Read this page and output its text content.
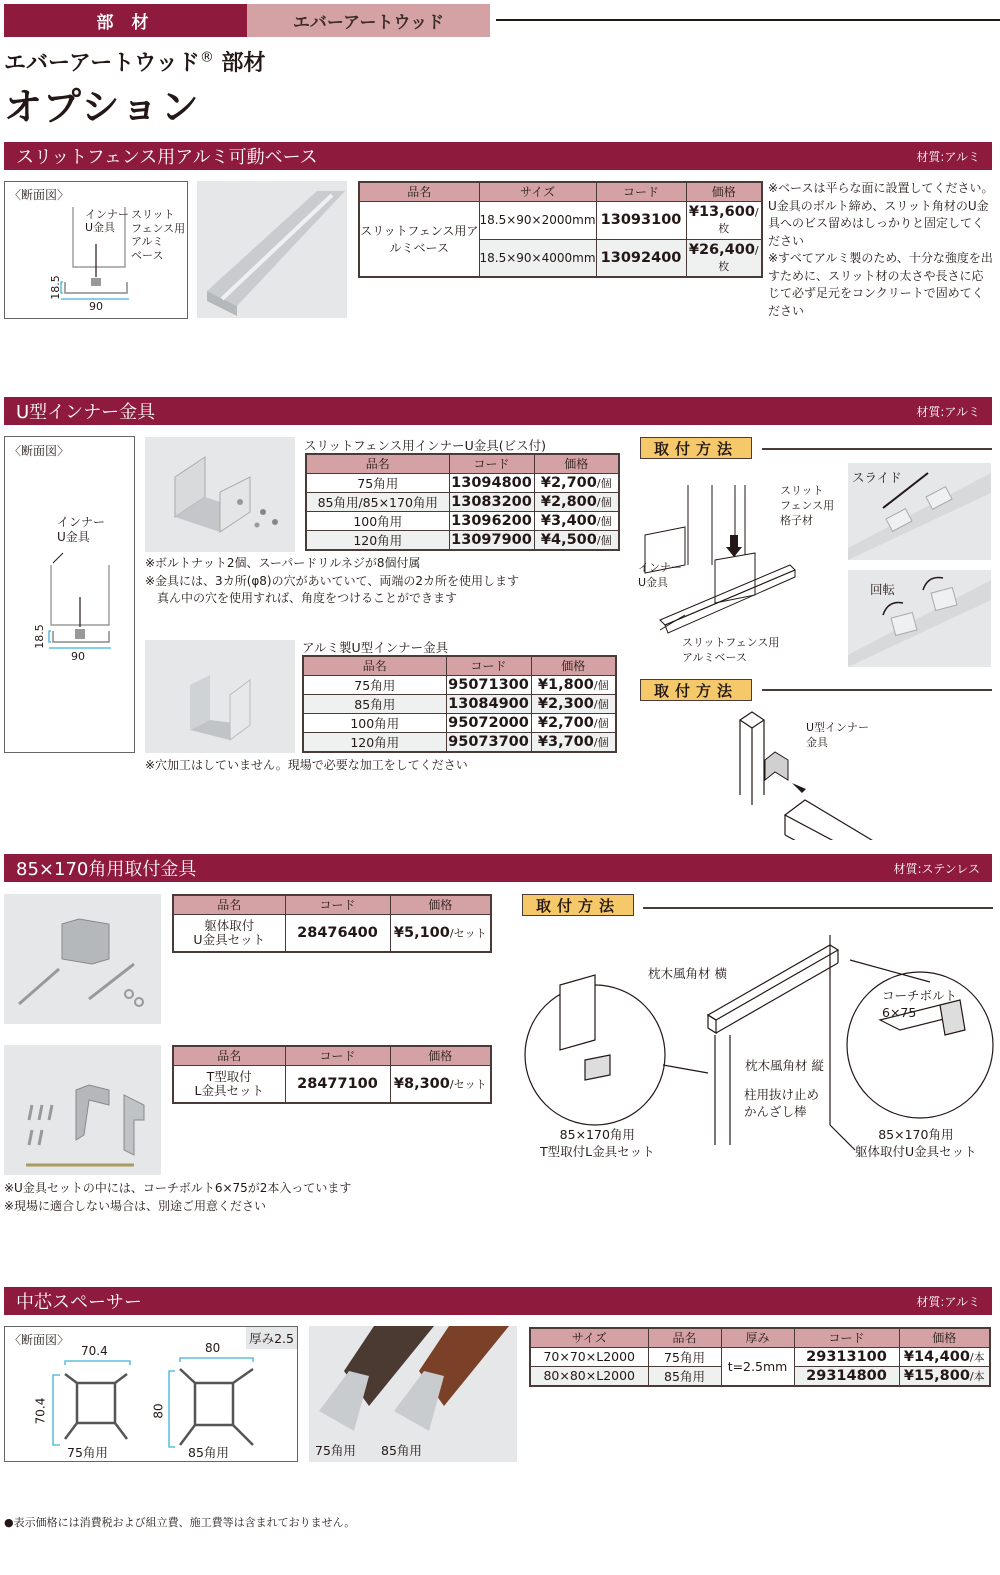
部 材	エバーアートウッド
エバーアートウッド® 部材
オプション
スリットフェンス用アルミ可動ベース	材質:アルミ
〈断面図〉
インナー
U金具
スリット
フェンス用
アルミ
ベース
18.5
90
品名	サイズ	コード	価格
スリットフェンス用アルミベース	18.5×90×2000mm	13093100	¥13,600/枚
	18.5×90×4000mm	13092400	¥26,400/枚
※ベースは平らな面に設置してください。U金具のボルト締め、スリット角材のU金具へのビス留めはしっかりと固定してください
※すべてアルミ製のため、十分な強度を出すために、スリット材の太さや長さに応じて必ず足元をコンクリートで固めてください
U型インナー金具	材質:アルミ
〈断面図〉
インナー
U金具
18.5
90
スリットフェンス用インナーU金具(ビス付)
品名	コード	価格
75角用	13094800	¥2,700/個
85角用/85×170角用	13083200	¥2,800/個
100角用	13096200	¥3,400/個
120角用	13097900	¥4,500/個
※ボルトナット2個、スーパードリルネジが8個付属
※金具には、3カ所(φ8)の穴があいていて、両端の2カ所を使用します
真ん中の穴を使用すれば、角度をつけることができます
アルミ製U型インナー金具
品名	コード	価格
75角用	95071300	¥1,800/個
85角用	13084900	¥2,300/個
100角用	95072000	¥2,700/個
120角用	95073700	¥3,700/個
※穴加工はしていません。現場で必要な加工をしてください
取付方法
スリット
フェンス用
格子材
インナー
U金具
スリットフェンス用
アルミベース
スライド
回転
取付方法
U型インナー
金具
85×170角用取付金具	材質:ステンレス
品名	コード	価格

躯体取付
U金具セット	28476400	¥5,100/セット
品名	コード	価格

T型取付
L金具セット	28477100	¥8,300/セット
※U金具セットの中には、コーチボルト6×75が2本入っています
※現場に適合しない場合は、別途ご用意ください
取付方法
枕木風角材 横
枕木風角材 縦
柱用抜け止め
かんざし棒
コーチボルト
6×75
85×170角用
T型取付L金具セット
85×170角用
躯体取付U金具セット
中芯スペーサー	材質:アルミ
〈断面図〉	厚み2.5
70.4
70.4
80
80
75角用	85角用	75角用 85角用
サイズ	品名	厚み	コード	価格
70×70×L2000	75角用	t=2.5mm	29313100	¥14,400/本
80×80×L2000	85角用		29314800	¥15,800/本
●表示価格には消費税および組立費、施工費等は含まれておりません。
